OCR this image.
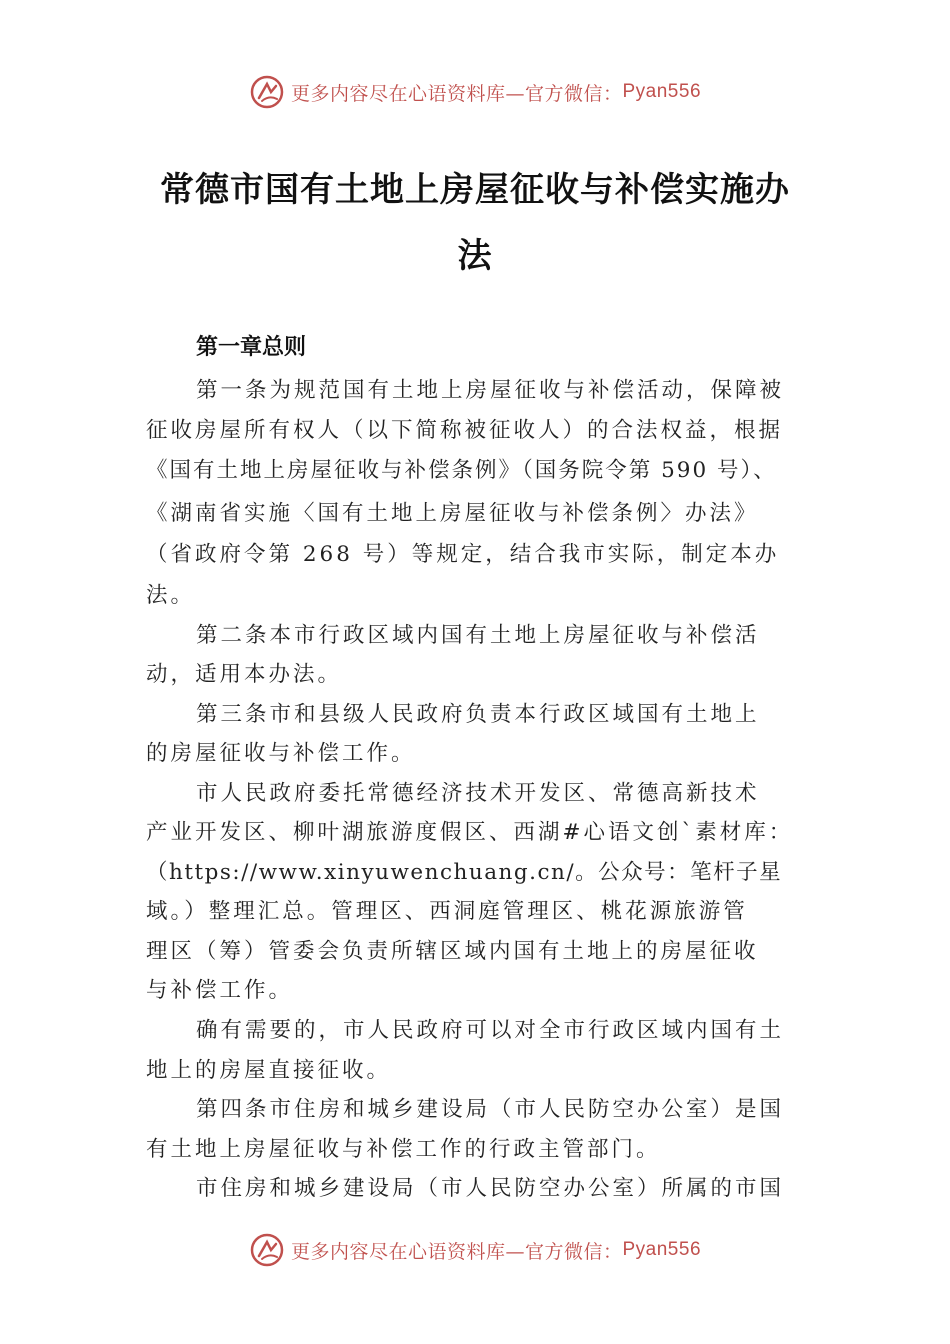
更多内容尽在心语资料库—官方微信： Pyan556
常德市国有土地上房屋征收与补偿实施办
法
第一章总则
第一条为规范国有土地上房屋征收与补偿活动，保障被
征收房屋所有权人（以下简称被征收人）的合法权益，根据
《国有土地上房屋征收与补偿条例》（国务院令第 590 号）、
《湖南省实施〈国有土地上房屋征收与补偿条例〉办法》
（省政府令第 268 号）等规定，结合我市实际，制定本办
法。
第二条本市行政区域内国有土地上房屋征收与补偿活
动，适用本办法。
第三条市和县级人民政府负责本行政区域国有土地上
的房屋征收与补偿工作。
市人民政府委托常德经济技术开发区、常德高新技术
产业开发区、柳叶湖旅游度假区、西湖#心语文创`素材库：
（https://www.xinyuwenchuang.cn/。公众号：笔杆子星
域。）整理汇总。管理区、西洞庭管理区、桃花源旅游管
理区（筹）管委会负责所辖区域内国有土地上的房屋征收
与补偿工作。
确有需要的，市人民政府可以对全市行政区域内国有土
地上的房屋直接征收。
第四条市住房和城乡建设局（市人民防空办公室）是国
有土地上房屋征收与补偿工作的行政主管部门。
市住房和城乡建设局（市人民防空办公室）所属的市国
更多内容尽在心语资料库—官方微信： Pyan556
